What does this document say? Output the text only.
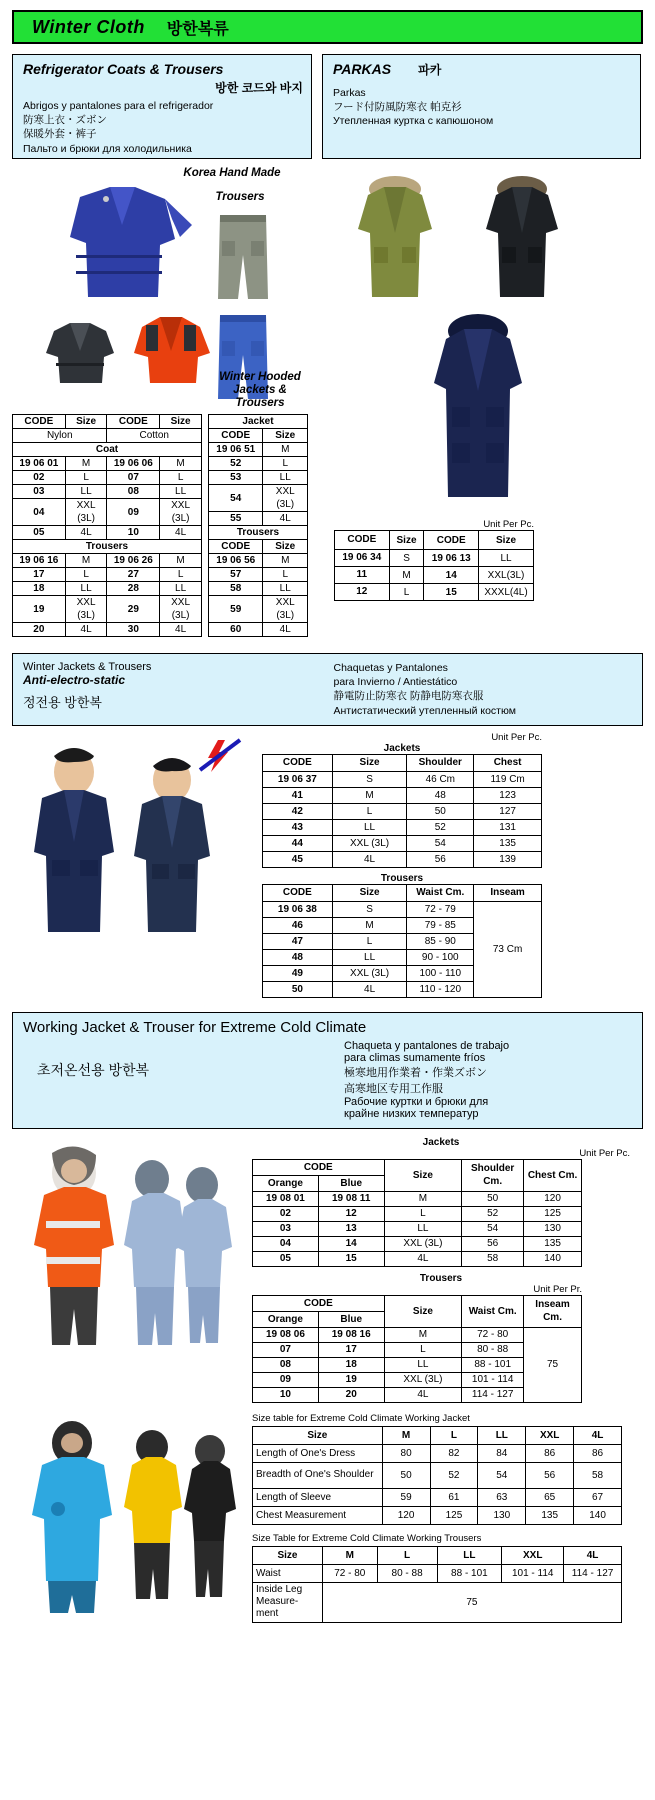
Winter Cloth 방한복류
Refrigerator Coats & Trousers
방한 코드와 바지
Abrigos y pantalones para el refrigerador
防寒上衣・ズボン
保暖外套・裤子
Пальто и брюки для холодильника
Korea Hand Made
Trousers
Winter Hooded Jackets & Trousers
CODE	Size	CODE	Size
Nylon		Cotton	
Coat			
19 06 01	M	19 06 06	M
02	L	07	L
03	LL	08	LL
04	XXL (3L)	09	XXL (3L)
05	4L	10	4L
Trousers			
19 06 16	M	19 06 26	M
17	L	27	L
18	LL	28	LL
19	XXL (3L)	29	XXL (3L)
20	4L	30	4L
Jacket	
CODE	Size
19 06 51	M
52	L
53	LL
54	XXL (3L)
55	4L
Trousers	
CODE	Size
19 06 56	M
57	L
58	LL
59	XXL (3L)
60	4L
PARKAS 파카
Parkas
フード付防風防寒衣 帕克衫
Утепленная куртка с капюшоном
Unit Per Pc.
CODE	Size	CODE	Size
19 06 34	S	19 06 13	LL
11	M	14	XXL(3L)
12	L	15	XXXL(4L)
Winter Jackets & Trousers
Anti-electro-static
정전용 방한복
Chaquetas y Pantalones
para Invierno / Antiestático
静電防止防寒衣 防静电防寒衣服
Антистатический утепленный костюм
Unit Per Pc.
Jackets
CODE	Size	Shoulder	Chest
19 06 37	S	46 Cm	119 Cm
41	M	48	123
42	L	50	127
43	LL	52	131
44	XXL (3L)	54	135
45	4L	56	139
Trousers
CODE	Size	Waist Cm.	Inseam
19 06 38	S	72 - 79	73 Cm
46	M	79 - 85	
47	L	85 - 90	
48	LL	90 - 100	
49	XXL (3L)	100 - 110	
50	4L	110 - 120	
Working Jacket & Trouser for Extreme Cold Climate
초저온선용 방한복
Chaqueta y pantalones de trabajo
para climas sumamente fríos
極寒地用作業着・作業ズボン
高寒地区专用工作服
Рабочие куртки и брюки для
крайне низких температур
Jackets
Unit Per Pc.
CODE		Size	Shoulder Cm.	Chest Cm.
Orange	Blue			
19 08 01	19 08 11	M	50	120
02	12	L	52	125
03	13	LL	54	130
04	14	XXL (3L)	56	135
05	15	4L	58	140
Trousers
Unit Per Pr.
CODE		Size	Waist Cm.	Inseam Cm.
Orange	Blue			
19 08 06	19 08 16	M	72 - 80	75
07	17	L	80 - 88	
08	18	LL	88 - 101	
09	19	XXL (3L)	101 - 114	
10	20	4L	114 - 127	
Size table for Extreme Cold Climate Working Jacket
Size	M	L	LL	XXL	4L
Length of One's Dress	80	82	84	86	86
Breadth of One's Shoulder	50	52	54	56	58
Length of Sleeve	59	61	63	65	67
Chest Measurement	120	125	130	135	140
Size Table for Extreme Cold Climate Working Trousers
Size	M	L	LL	XXL	4L
Waist	72 - 80	80 - 88	88 - 101	101 - 114	114 - 127
Inside Leg Measure-ment	75				
